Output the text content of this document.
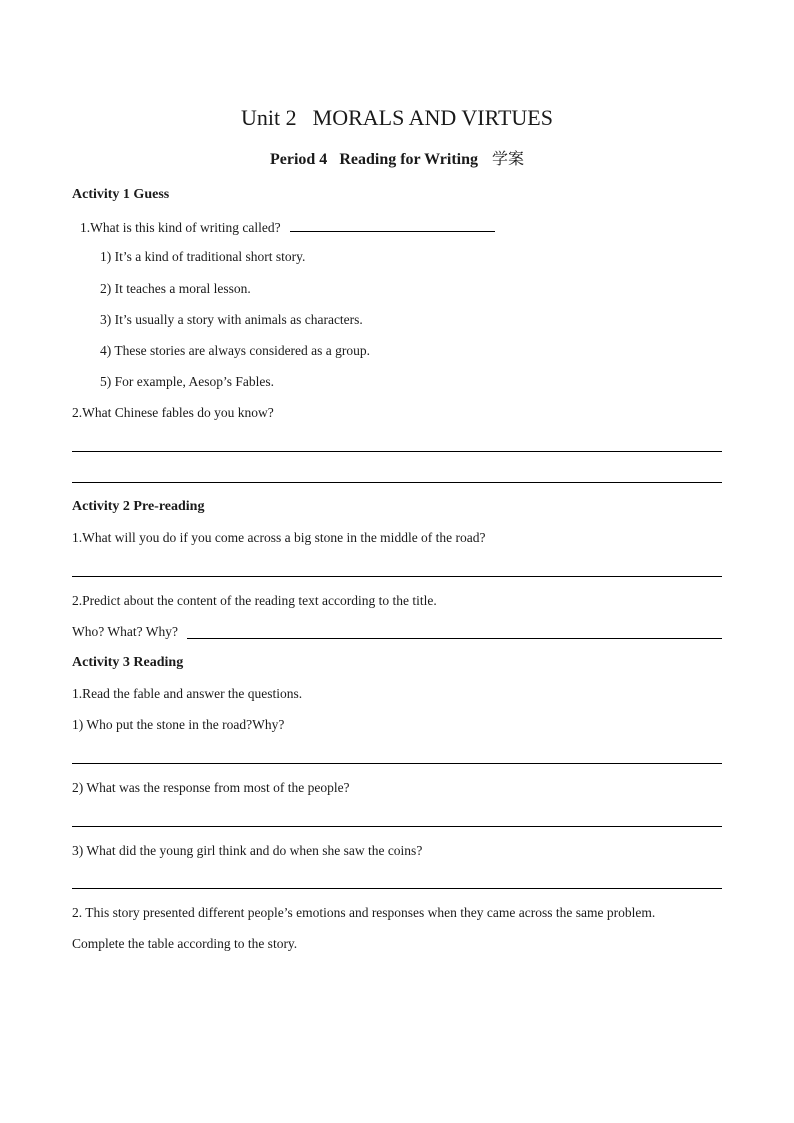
Unit 2 MORALS AND VIRTUES
Period 4 Reading for Writing 学案
Activity 1 Guess
1.What is this kind of writing called?
1) It’s a kind of traditional short story.
2) It teaches a moral lesson.
3) It’s usually a story with animals as characters.
4) These stories are always considered as a group.
5) For example, Aesop’s Fables.
2.What Chinese fables do you know?
Activity 2 Pre-reading
1.What will you do if you come across a big stone in the middle of the road?
2.Predict about the content of the reading text according to the title.
Who? What? Why?
Activity 3 Reading
1.Read the fable and answer the questions.
1) Who put the stone in the road?Why?
2) What was the response from most of the people?
3) What did the young girl think and do when she saw the coins?
2. This story presented different people’s emotions and responses when they came across the same problem.
Complete the table according to the story.
